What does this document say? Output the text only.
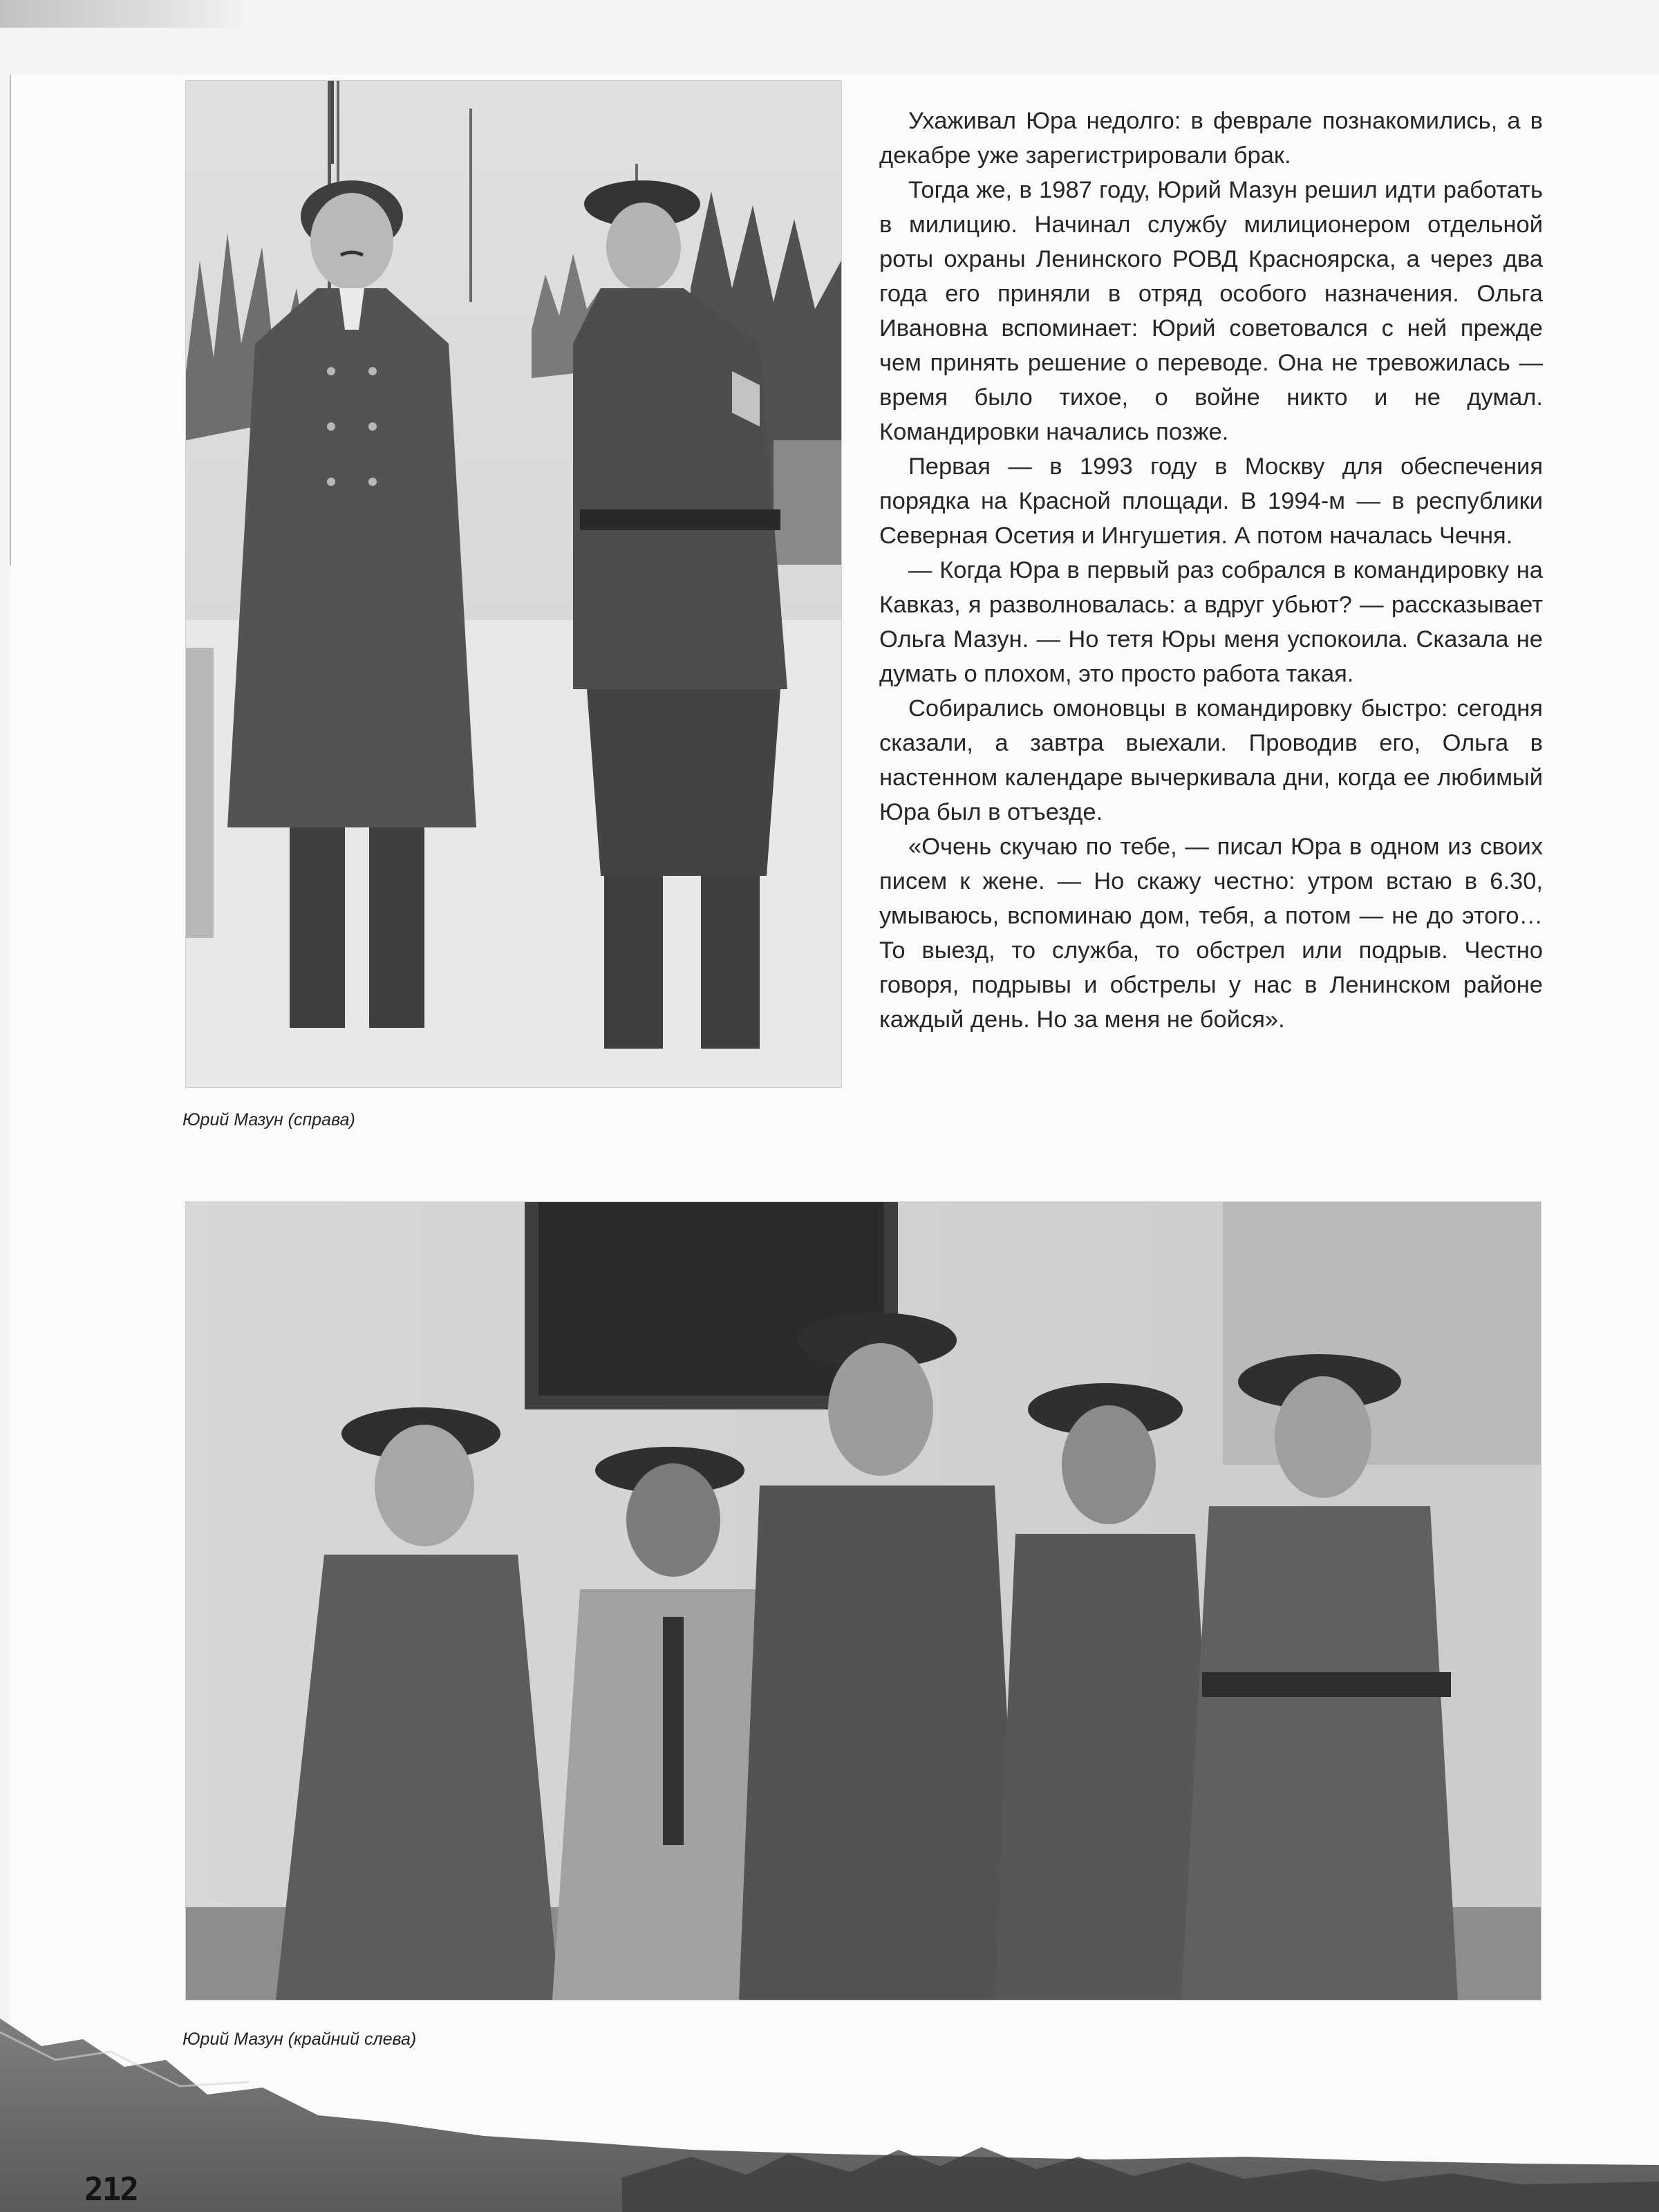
Юрий Мазун (справа)

Ухаживал Юра недолго: в феврале познакомились, а в декабре уже зарегистрировали брак.

Тогда же, в 1987 году, Юрий Мазун решил идти работать в милицию. Начинал службу милиционером отдельной роты охраны Ленинского РОВД Красноярска, а через два года его приняли в отряд особого назначения. Ольга Ивановна вспоминает: Юрий советовался с ней прежде чем принять решение о переводе. Она не тревожилась — время было тихое, о войне никто и не думал. Командировки начались позже.

Первая — в 1993 году в Москву для обеспечения порядка на Красной площади. В 1994-м — в республики Северная Осетия и Ингушетия. А потом началась Чечня.

— Когда Юра в первый раз собрался в командировку на Кавказ, я разволновалась: а вдруг убьют? — рассказывает Ольга Мазун. — Но тетя Юры меня успокоила. Сказала не думать о плохом, это просто работа такая.

Собирались омоновцы в командировку быстро: сегодня сказали, а завтра выехали. Проводив его, Ольга в настенном календаре вычеркивала дни, когда ее любимый Юра был в отъезде.

«Очень скучаю по тебе, — писал Юра в одном из своих писем к жене. — Но скажу честно: утром встаю в 6.30, умываюсь, вспоминаю дом, тебя, а потом — не до этого… То выезд, то служба, то обстрел или подрыв. Честно говоря, подрывы и обстрелы у нас в Ленинском районе каждый день. Но за меня не бойся».

Юрий Мазун (крайний слева)
212
